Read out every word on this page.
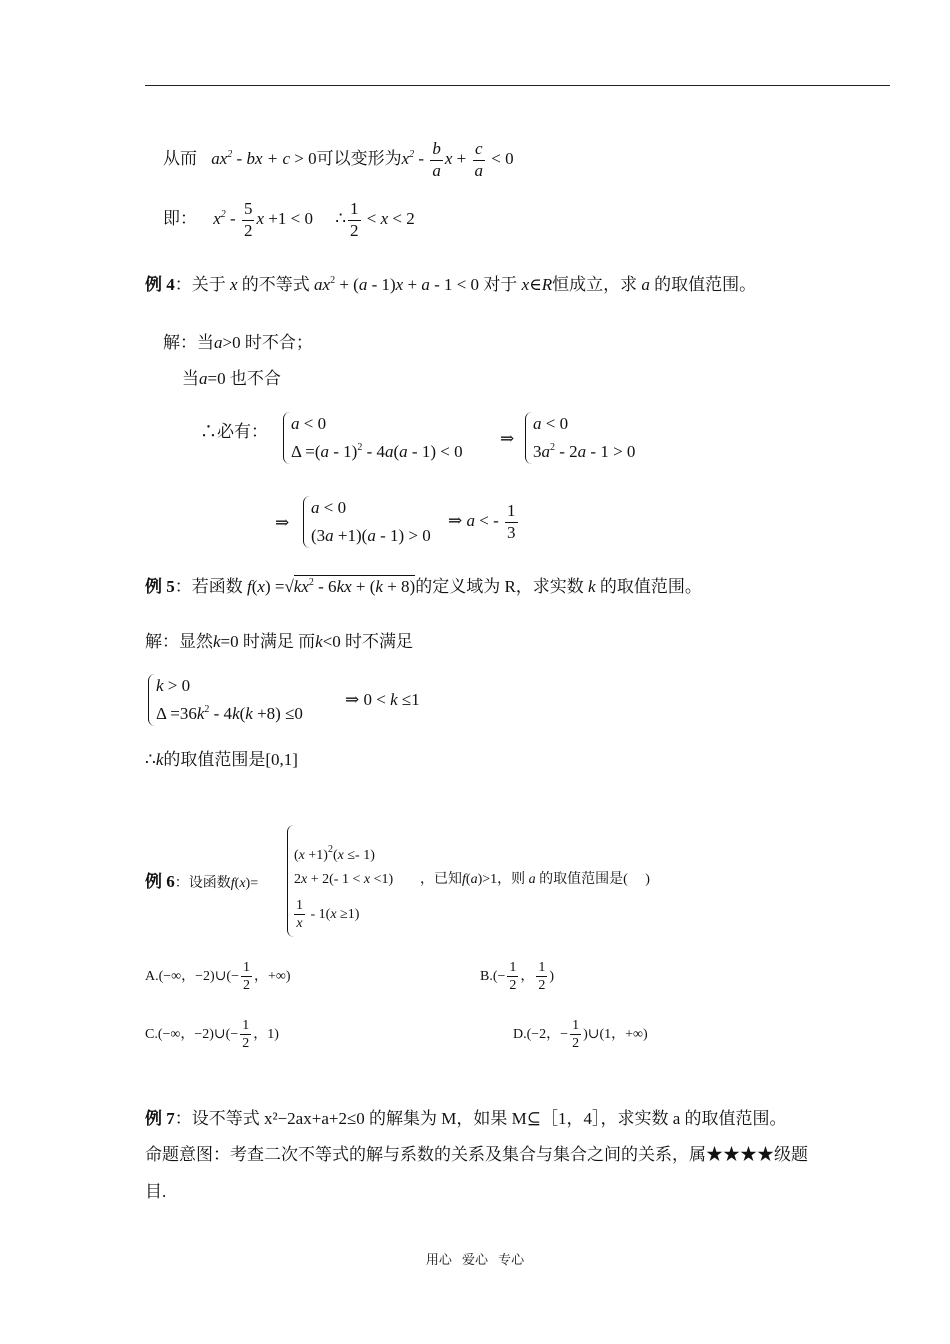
从而 $ax^2$ - bx + c > 0可以变形为$x^2 - \frac{b}{a}$ $x + \frac{c}{a} < 0$
即： $x^2 - \frac{5}{2}$ x +1 < 0 ∴ $\frac{1}{2} < x < 2$
例 4：关于 x 的不等式 $ax^2 + (a - 1)x + a - 1 < 0$ 对于 x∈R恒成立，求 a 的取值范围。
解：当a>0 时不合；
当a=0 也不合
∴必有： a < 0
Δ =(a - 1)$^2$ - 4a(a - 1) < 0
⇒
a < 0
$3a^2 - 2a - 1 > 0$
⇒
a < 0
(3a +1)(a - 1) > 0
⇒ a < - $\frac{1}{3}$
例 5：若函数 $f(x) =√kx^2 - 6kx + (k + 8)$的定义域为 R，求实数 k 的取值范围。
解：显然k=0 时满足 而k<0 时不满足
k > 0
$\Delta =36k^2 - 4k(k +8) \le 0$
⇒ 0 < k ≤1
∴k的取值范围是[0,1]
例 6：设函数f(x)=
$(x +1)^2(x \le- 1)$
2x + 2(- 1 < x <1)
$\frac{1}{x} - 1(x \ge 1)$
，已知f(a)>1，则 a 的取值范围是(　 )
A.(−∞，−2)∪(− $\frac{1}{2}$ ，+∞)	$B.(- \frac{1}{2}$ ， $\frac{1}{2}$ )
C.(−∞，−2)∪(− $\frac{1}{2}$ ，1)	D.(−2，− $\frac{1}{2}$ )∪(1，+∞)
例 7：设不等式 x²−2ax+a+2≤0 的解集为 M，如果 M⊆［1，4］，求实数 a 的取值范围。
命题意图：考查二次不等式的解与系数的关系及集合与集合之间的关系，属★★★★级题
目.
用心 爱心 专心
